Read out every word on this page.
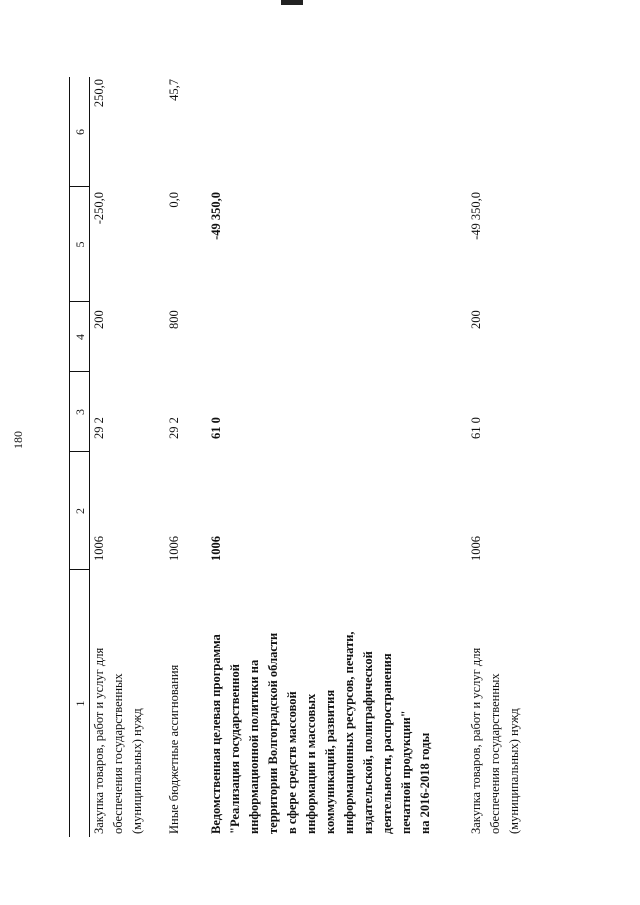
180
1
2
3
4
5
6
Закупка товаров, работ и услуг для обеспечения государственных (муниципальных) нужд
1006
29 2
200
-250,0
250,0
Иные бюджетные ассигнования
1006
29 2
800
0,0
45,7
Ведомственная целевая программа "Реализация государственной информационной политики на территории Волгоградской области в сфере средств массовой информации и массовых коммуникаций, развития информационных ресурсов, печати, издательской, полиграфической деятельности, распространения печатной продукции" на 2016-2018 годы
1006
61 0
-49 350,0
Закупка товаров, работ и услуг для обеспечения государственных (муниципальных) нужд
1006
61 0
200
-49 350,0
